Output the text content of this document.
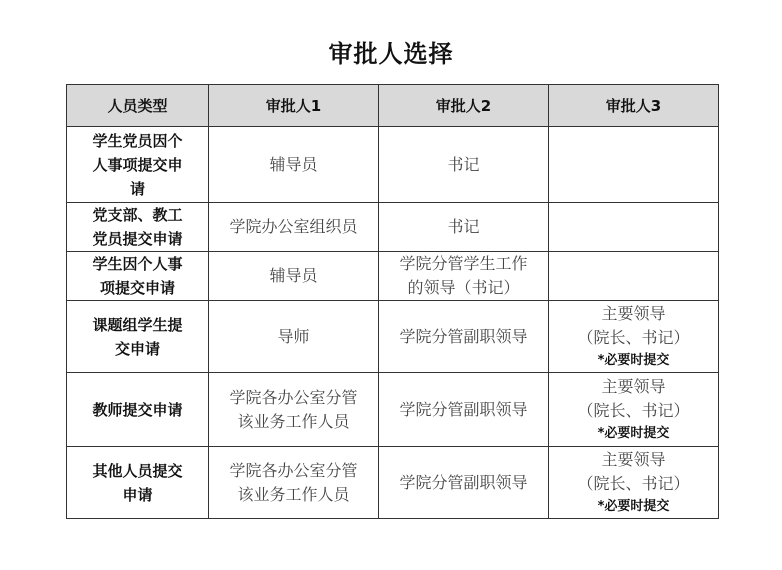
审批人选择
人员类型	审批人1	审批人2	审批人3

学生党员因个
人事项提交申
请	辅导员	书记	

党支部、教工
党员提交申请	学院办公室组织员	书记	

学生因个人事
项提交申请	辅导员	学院分管学生工作
的领导（书记）	

课题组学生提
交申请	导师	学院分管副职领导	主要领导
（院长、书记）
*必要时提交

教师提交申请	学院各办公室分管
该业务工作人员	学院分管副职领导	主要领导
（院长、书记）
*必要时提交

其他人员提交
申请	学院各办公室分管
该业务工作人员	学院分管副职领导	主要领导
（院长、书记）
*必要时提交
